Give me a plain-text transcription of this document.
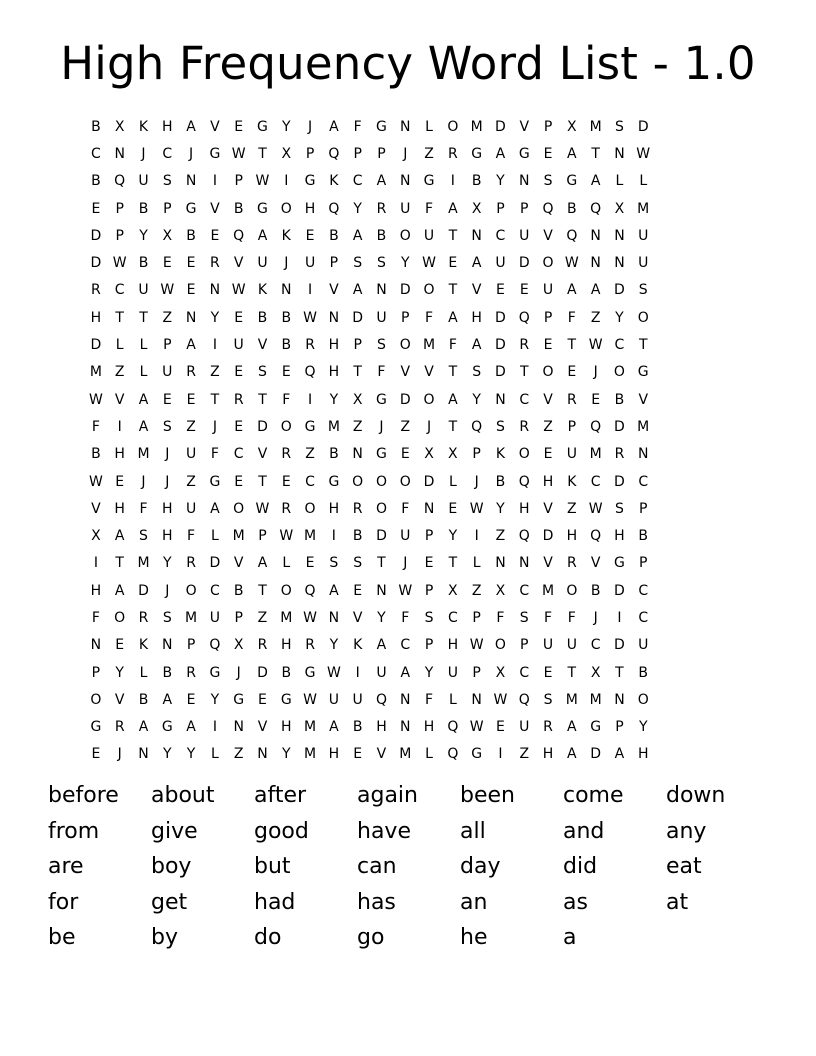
High Frequency Word List - 1.0
B	X	K H A	V	E G	Y	J	A	F	G N	L	O M D V	P	X M S D
C N	J	C	J	G W T	X	P	Q	P	P	J	Z	R G A G E	A	T	N W
B Q U	S	N	I	P W	I	G K	C	A N G	I	B	Y	N	S G A	L	L
E	P	B	P	G V	B G O H Q	Y	R U	F	A	X	P	P	Q B Q X M
D	P	Y	X	B	E Q A	K	E	B	A	B O U	T	N C U V Q N N U
D W B	E	E	R	V U	J	U	P	S	S	Y W E	A U D O W N N U
R	C U W E	N W K N	I	V	A N D O	T	V	E	E	U A	A D S
H	T	T	Z N	Y	E	B	B W N D U	P	F	A H D Q	P	F	Z	Y	O
D	L	L	P	A	I	U V	B	R H	P	S O M F	A D R	E	T W C	T
M Z	L	U R	Z	E	S	E Q H	T	F	V	V	T	S D	T	O E	J	O G
W V	A	E	E	T	R	T	F	I	Y	X G D O A	Y	N C	V	R	E	B	V
F	I	A	S	Z	J	E D O G M Z	J	Z	J	T	Q S	R	Z	P	Q D M
B H M	J	U	F	C	V	R	Z	B N G E	X	X	P	K O E	U M R N
W E	J	J	Z G E	T	E	C G O O O D	L	J	B Q H K	C D C
V H	F	H U A O W R O H R O	F	N	E W Y	H V	Z W S	P
X	A	S	H	F	L M P W M	I	B D U	P	Y	I	Z Q D H Q H B
I	T M Y	R D V	A	L	E	S	S	T	J	E	T	L	N N V	R	V G	P
H A D	J	O C	B	T	O Q A	E	N W P	X	Z	X	C M O B D C
F	O R	S M U	P	Z M W N V	Y	F	S	C	P	F	S	F	F	J	I	C
N	E	K N	P	Q X	R H R	Y	K	A	C	P	H W O	P	U U C D U
P	Y	L	B	R G	J	D B G W	I	U A	Y	U	P	X	C	E	T	X	T	B
O V	B	A	E	Y	G E G W U U Q N	F	L	N W Q S M M N O
G R	A G A	I	N V H M A	B H N H Q W E	U R	A G	P	Y
E	J	N	Y	Y	L	Z N	Y M H	E	V M L	Q G	I	Z H A D A H
before	about	after	again	been	come	down
from	give	good	have	all	and	any
are	boy	but	can	day	did	eat
for	get	had	has	an	as	at
be	by	do	go	he	a
